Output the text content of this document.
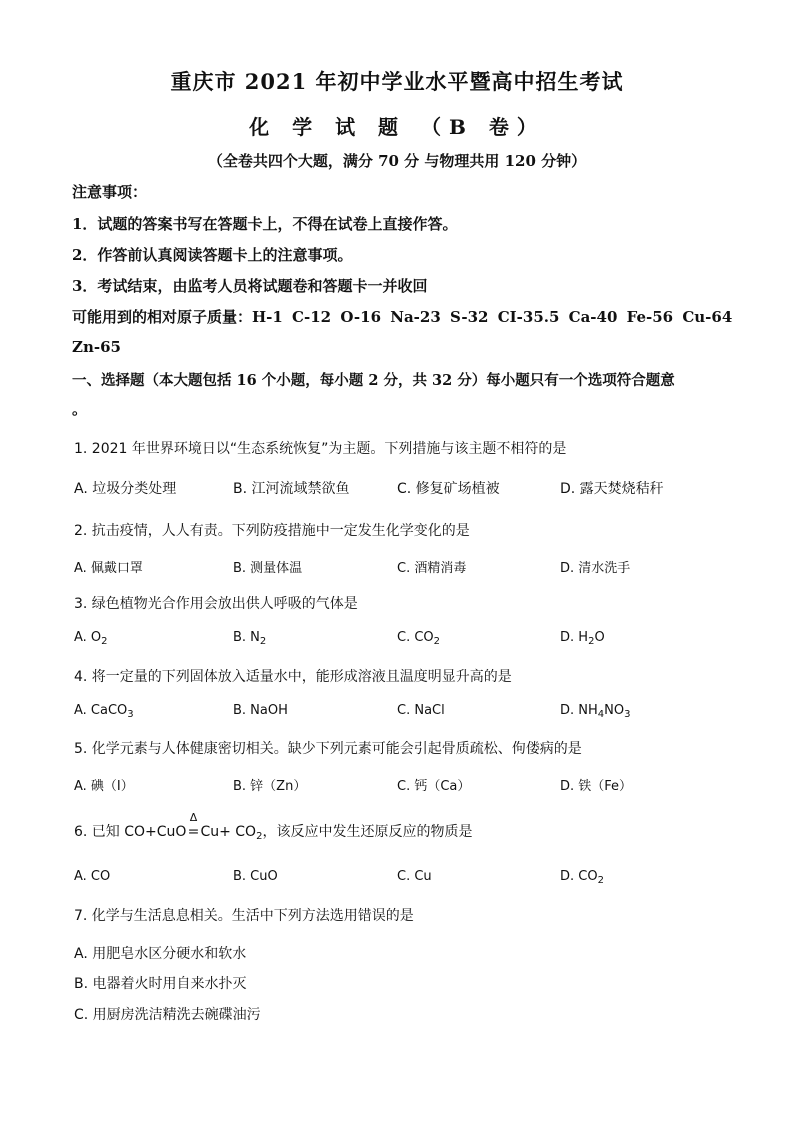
重庆市 2021 年初中学业水平暨高中招生考试
化 学 试 题 （B 卷）
（全卷共四个大题，满分 70 分 与物理共用 120 分钟）
注意事项：
1．试题的答案书写在答题卡上，不得在试卷上直接作答。
2．作答前认真阅读答题卡上的注意事项。
3．考试结束，由监考人员将试题卷和答题卡一并收回
可能用到的相对原子质量：H-1 C-12 O-16 Na-23 S-32 CI-35.5 Ca-40 Fe-56 Cu-64
Zn-65
一、选择题（本大题包括 16 个小题，每小题 2 分，共 32 分）每小题只有一个选项符合题意
。
1. 2021 年世界环境日以“生态系统恢复”为主题。下列措施与该主题不相符的是
A. 垃圾分类处理	B. 江河流域禁欲鱼	C. 修复矿场植被	D. 露天焚烧秸秆
2. 抗击疫情，人人有责。下列防疫措施中一定发生化学变化的是
A. 佩戴口罩	B. 测量体温	C. 酒精消毒	D. 清水洗手
3. 绿色植物光合作用会放出供人呼吸的气体是
A. $O_2$	B. $N_2$	C. $CO_2$	D. $H_2O$
4. 将一定量的下列固体放入适量水中，能形成溶液且温度明显升高的是
A. CaCO$_3$	B. NaOH	C. NaCl	D. $NH_4NO_3$
5. 化学元素与人体健康密切相关。缺少下列元素可能会引起骨质疏松、佝偻病的是
A. 碘（I）	B. 锌（Zn）	C. 钙（Ca）	D. 铁（Fe）
6. 已知 CO+CuO
Δ
$=Cu+ CO_2$，该反应中发生还原反应的物质是
A. CO	B. CuO	C. Cu	D. $CO_2$
7. 化学与生活息息相关。生活中下列方法选用错误的是
A. 用肥皂水区分硬水和软水
B. 电器着火时用自来水扑灭
C. 用厨房洗洁精洗去碗碟油污
